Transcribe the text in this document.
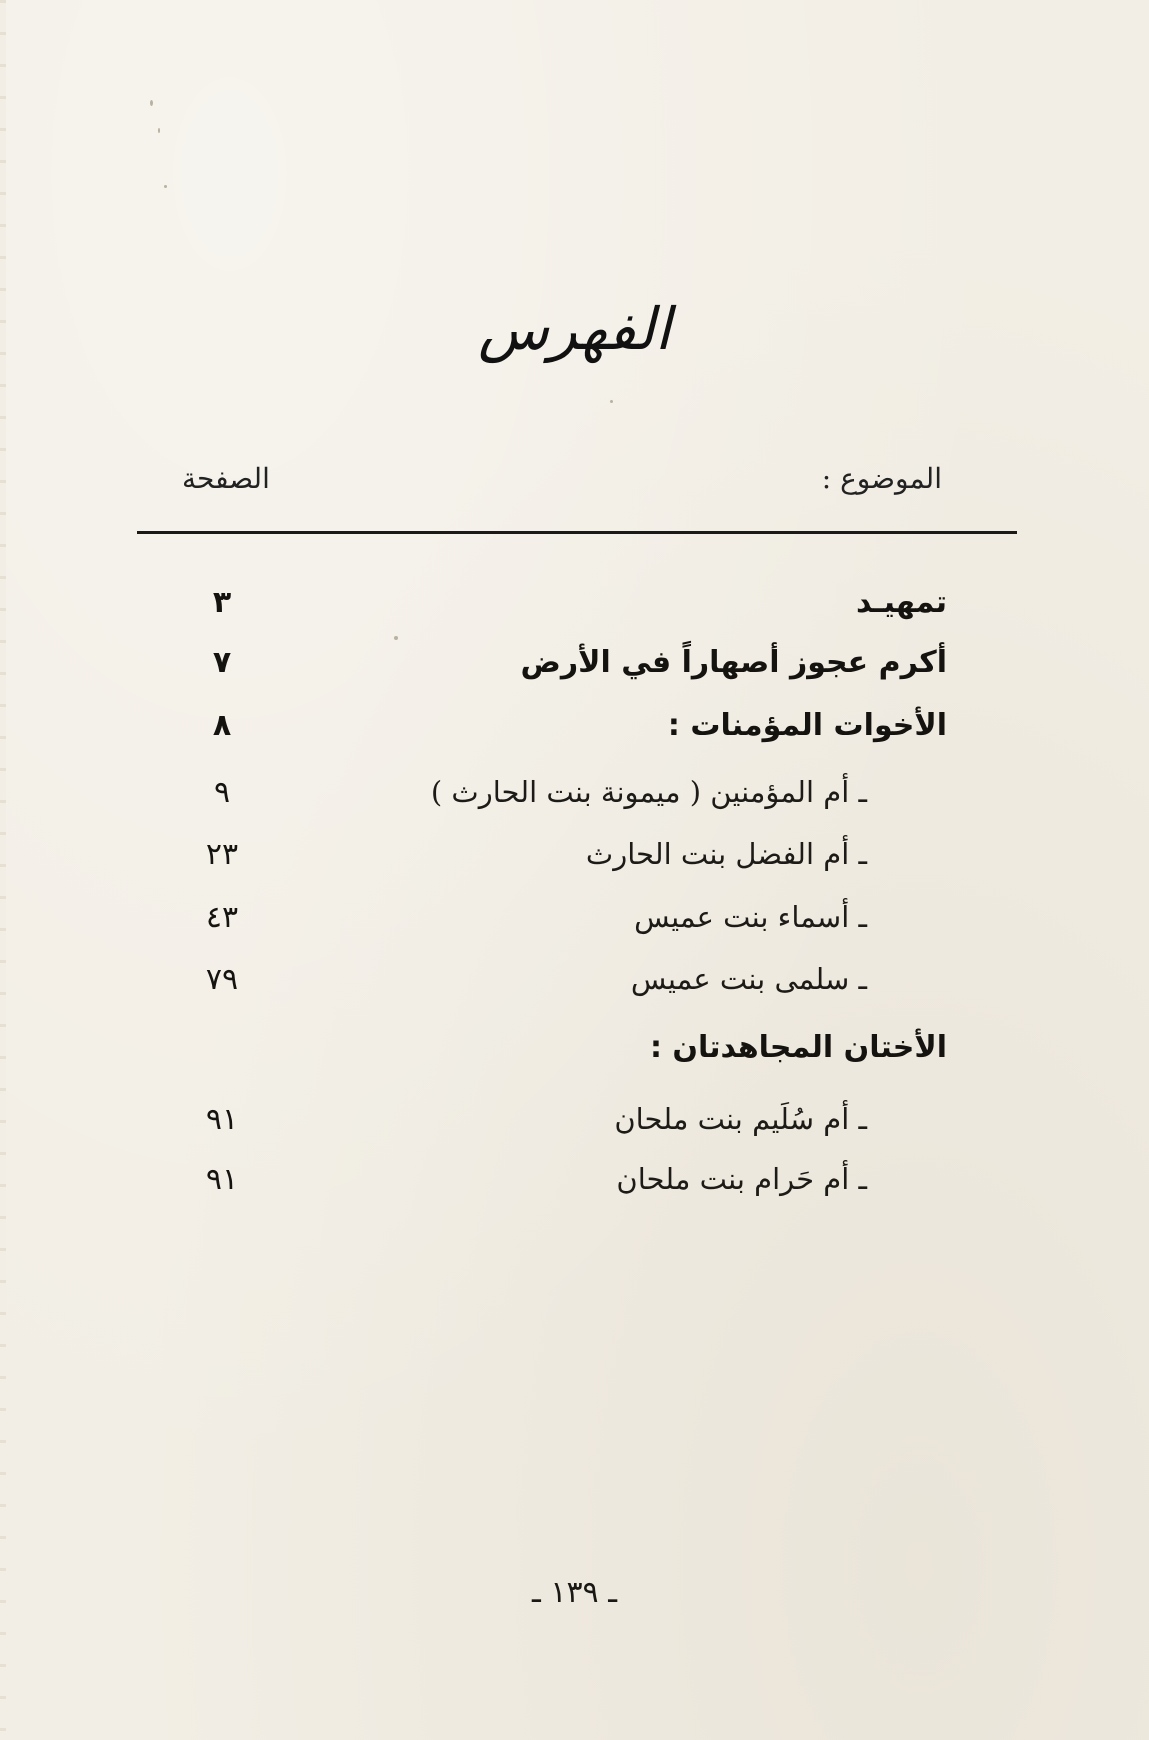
الفهرس
الموضوع :
الصفحة
تمهيـد
٣
أكرم عجوز أصهاراً في الأرض
٧
الأخوات المؤمنات :
٨
ـ أم المؤمنين ( ميمونة بنت الحارث )
٩
ـ أم الفضل بنت الحارث
٢٣
ـ أسماء بنت عميس
٤٣
ـ سلمى بنت عميس
٧٩
الأختان المجاهدتان :
ـ أم سُلَيم بنت ملحان
٩١
ـ أم حَرام بنت ملحان
٩١
ـ ١٣٩ ـ
